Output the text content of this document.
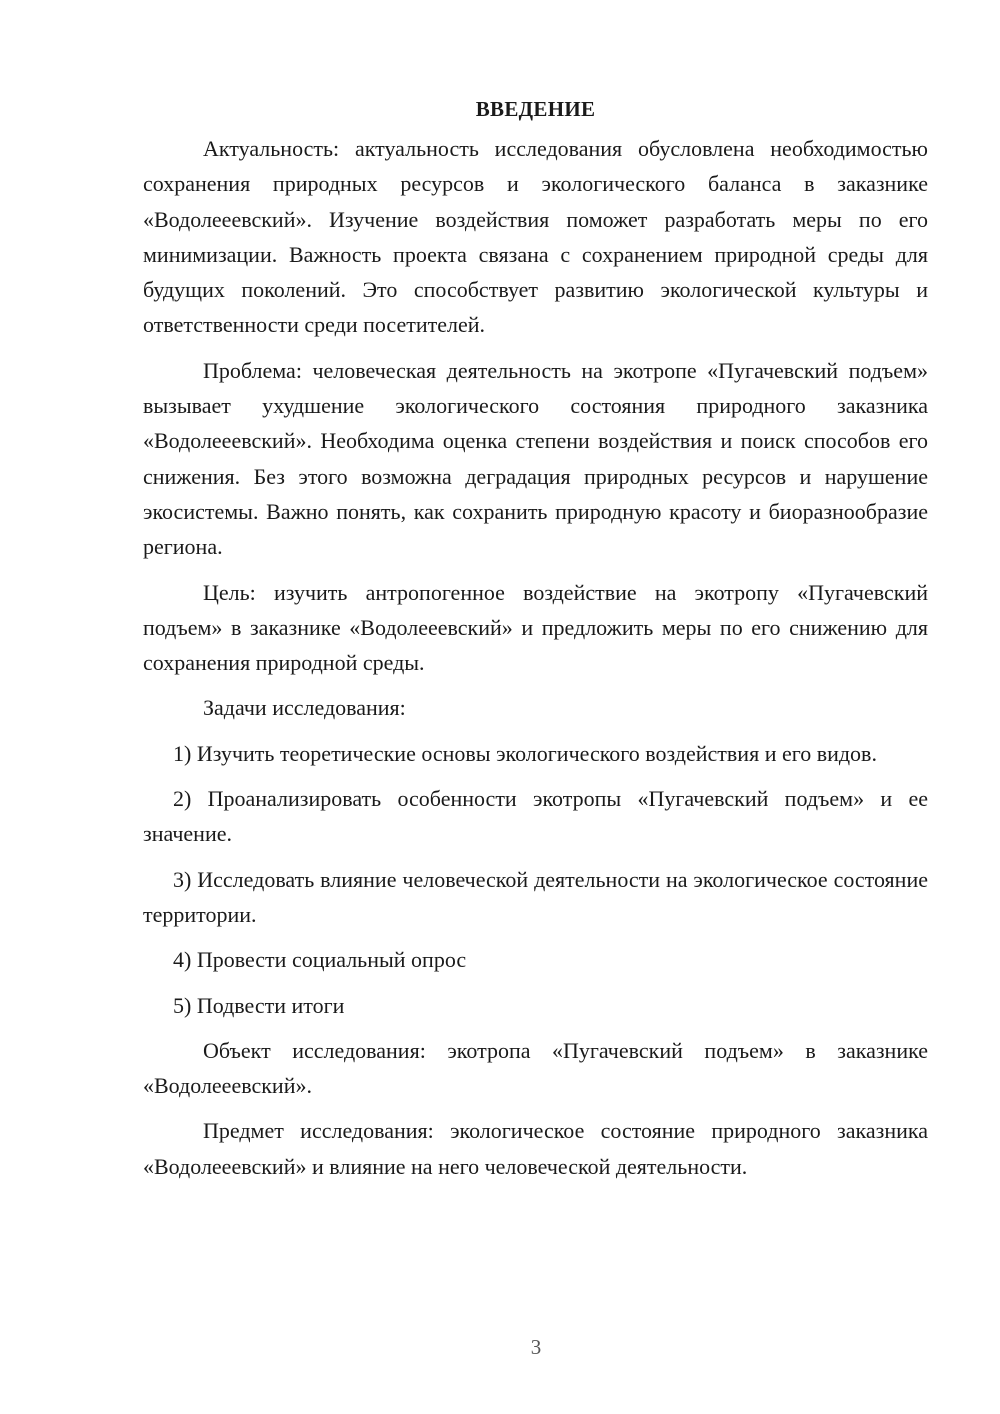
ВВЕДЕНИЕ

Актуальность: актуальность исследования обусловлена необходимостью сохранения природных ресурсов и экологического баланса в заказнике «Водолееевский». Изучение воздействия поможет разработать меры по его минимизации. Важность проекта связана с сохранением природной среды для будущих поколений. Это способствует развитию экологической культуры и ответственности среди посетителей.

Проблема: человеческая деятельность на экотропе «Пугачевский подъем» вызывает ухудшение экологического состояния природного заказника «Водолееевский». Необходима оценка степени воздействия и поиск способов его снижения. Без этого возможна деградация природных ресурсов и нарушение экосистемы. Важно понять, как сохранить природную красоту и биоразнообразие региона.

Цель: изучить антропогенное воздействие на экотропу «Пугачевский подъем» в заказнике «Водолееевский» и предложить меры по его снижению для сохранения природной среды.

Задачи исследования:

1) Изучить теоретические основы экологического воздействия и его видов.

2) Проанализировать особенности экотропы «Пугачевский подъем» и ее значение.

3) Исследовать влияние человеческой деятельности на экологическое состояние территории.

4) Провести социальный опрос

5) Подвести итоги

Объект исследования: экотропа «Пугачевский подъем» в заказнике «Водолееевский».

Предмет исследования: экологическое состояние природного заказника «Водолееевский» и влияние на него человеческой деятельности.

3
